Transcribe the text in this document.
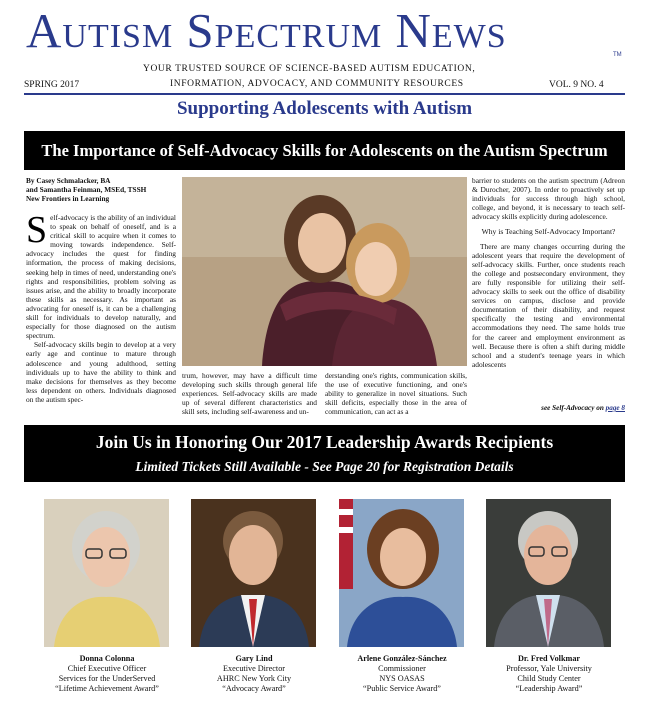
Autism Spectrum News	TM
YOUR TRUSTED SOURCE OF SCIENCE-BASED AUTISM EDUCATION,
INFORMATION, ADVOCACY, AND COMMUNITY RESOURCES
SPRING 2017	VOL. 9 NO. 4
Supporting Adolescents with Autism
The Importance of Self-Advocacy Skills for Adolescents on the Autism Spectrum
By Casey Schmalacker, BA
and Samantha Feinman, MSEd, TSSH
New Frontiers in Learning
S elf-advocacy is the ability of an individual to speak on behalf of oneself, and is a critical skill to acquire when it comes to moving towards independence. Self-advocacy includes the quest for finding information, the process of making decisions, seeking help in times of need, understanding one's rights and responsibilities, problem solving as issues arise, and the ability to broadly incorporate these skills as necessary. As important as advocating for oneself is, it can be a challenging skill for individuals to develop naturally, and especially for those diagnosed on the autism spectrum.
Self-advocacy skills begin to develop at a very early age and continue to mature through adolescence and young adulthood, setting individuals up to have the ability to think and make decisions for themselves as they become less dependent on others. Individuals diagnosed on the autism spec-
trum, however, may have a difficult time developing such skills through general life experiences. Self-advocacy skills are made up of several different characteristics and skill sets, including self-awareness and un-
derstanding one's rights, communication skills, the use of executive functioning, and one's ability to generalize in novel situations. Such skill deficits, especially those in the area of communication, can act as a
barrier to students on the autism spectrum (Adreon & Durocher, 2007). In order to proactively set up individuals for success through high school, college, and beyond, it is necessary to teach self-advocacy skills explicitly during adolescence.
Why is Teaching Self-Advocacy Important?
There are many changes occurring during the adolescent years that require the development of self-advocacy skills. Further, once students reach the college and postsecondary environment, they are fully responsible for utilizing their self-advocacy skills to seek out the office of disability services on campus, disclose and provide documentation of their disability, and request specifically the testing and environmental accommodations they need. The same holds true for the career and employment environment as well. Because there is often a shift during middle school and a student's teenage years in which adolescents
see Self-Advocacy on page 8
Join Us in Honoring Our 2017 Leadership Awards Recipients
Limited Tickets Still Available - See Page 20 for Registration Details
Donna Colonna
Chief Executive Officer
Services for the UnderServed
“Lifetime Achievement Award”
Gary Lind
Executive Director
AHRC New York City
“Advocacy Award”
Arlene González-Sánchez
Commissioner
NYS OASAS
“Public Service Award”
Dr. Fred Volkmar
Professor, Yale University
Child Study Center
“Leadership Award”
